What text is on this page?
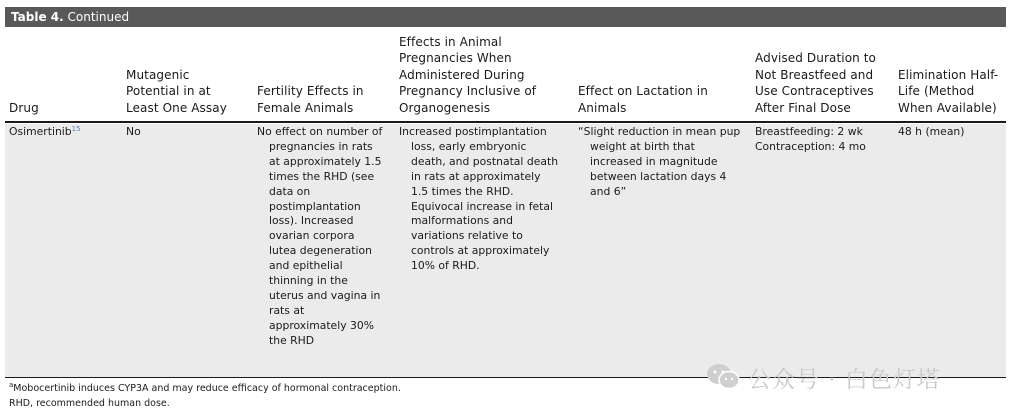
Table 4. Continued
Drug
Mutagenic Potential in at Least One Assay
Fertility Effects in Female Animals
Effects in Animal Pregnancies When Administered During Pregnancy Inclusive of Organogenesis
Effect on Lactation in Animals
Advised Duration to Not Breastfeed and Use Contraceptives After Final Dose
Elimination Half-Life (Method When Available)
Osimertinib$^{15}$	No	No effect on number of pregnancies in rats at approximately 1.5 times the RHD (see data on postimplantation loss). Increased ovarian corpora lutea degeneration and epithelial thinning in the uterus and vagina in rats at approximately 30% the RHD
Increased postimplantation loss, early embryonic death, and postnatal death in rats at approximately 1.5 times the RHD. Equivocal increase in fetal malformations and variations relative to controls at approximately 10% of RHD.
“Slight reduction in mean pup weight at birth that increased in magnitude between lactation days 4 and 6”
Breastfeeding: 2 wk
Contraception: 4 mo
48 h (mean)
$^a$Mobocertinib induces CYP3A and may reduce efficacy of hormonal contraception.
RHD, recommended human dose.
公众号 · 白色灯塔
